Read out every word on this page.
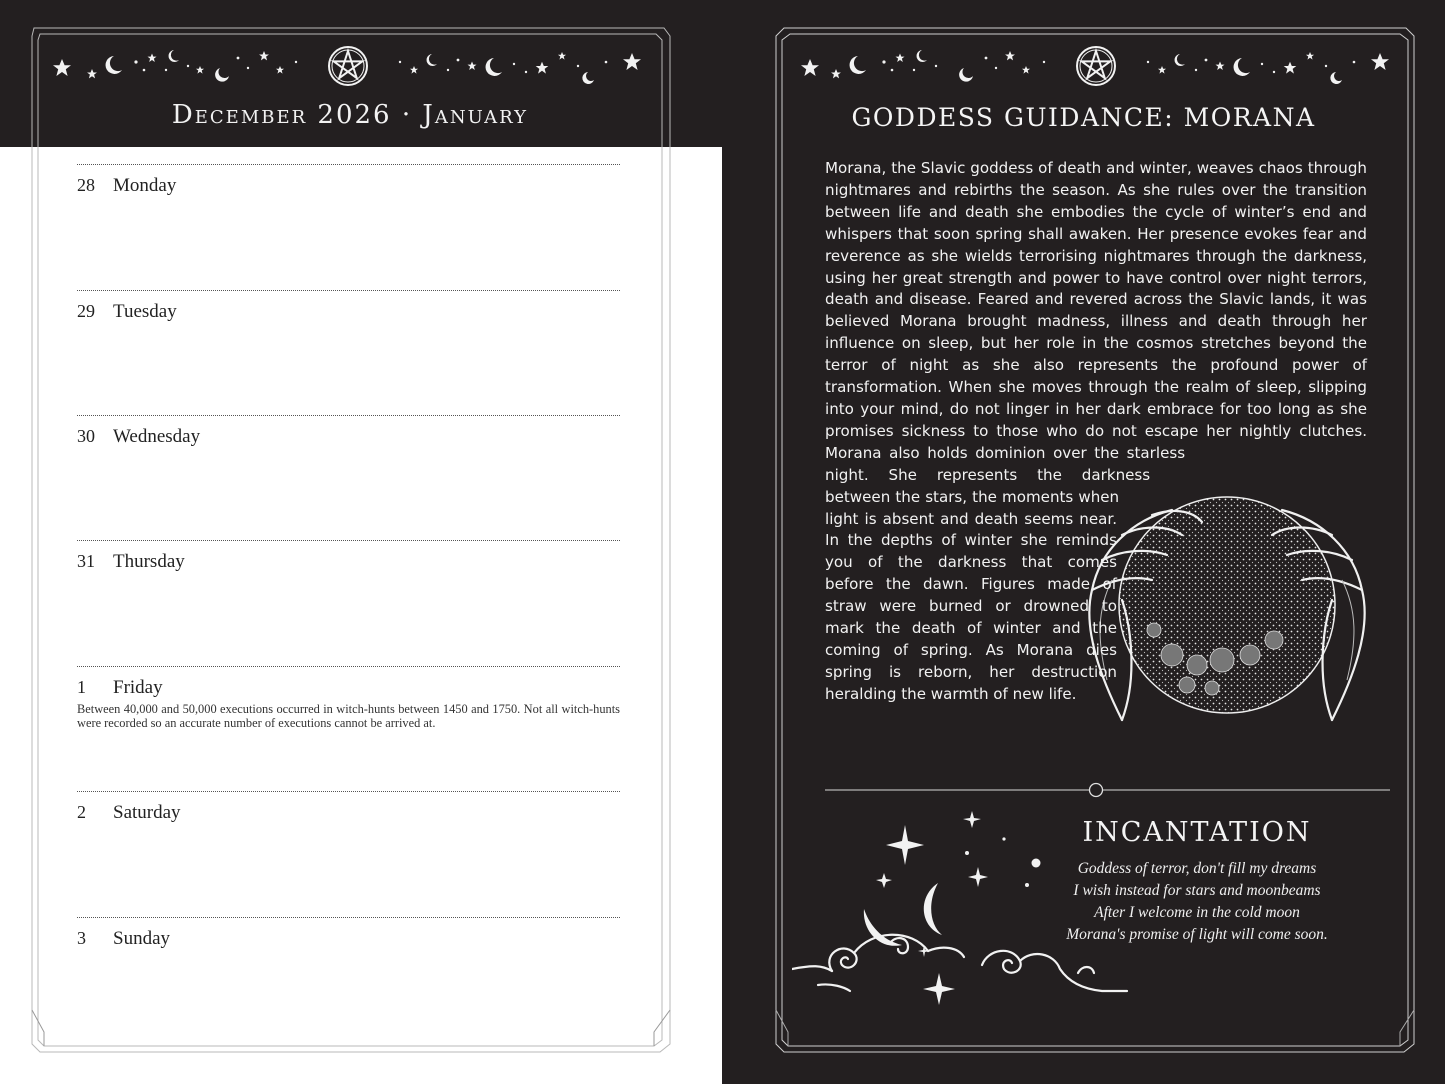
December 2026 · January
28 Monday
29 Tuesday
30 Wednesday
31 Thursday
1 Friday
Between 40,000 and 50,000 executions occurred in witch-hunts between 1450 and 1750. Not all witch-hunts were recorded so an accurate number of executions cannot be arrived at.
2 Saturday
3 Sunday
GODDESS GUIDANCE: MORANA

Morana, the Slavic goddess of death and winter, weaves chaos through nightmares and rebirths the season. As she rules over the transition between life and death she embodies the cycle of winter’s end and whispers that soon spring shall awaken. Her presence evokes fear and reverence as she wields terrorising nightmares through the darkness, using her great strength and power to have control over night terrors, death and disease. Feared and revered across the Slavic lands, it was believed Morana brought madness, illness and death through her influence on sleep, but her role in the cosmos stretches beyond the terror of night as she also represents the profound power of transformation. When she moves through the realm of sleep, slipping into your mind, do not linger in her dark embrace for too long as she promises sickness to those who do not escape her nightly clutches. Morana also holds dominion over the starless night. She represents the darkness between the stars, the moments when light is absent and death seems near. In the depths of winter she reminds you of the darkness that comes before the dawn. Figures made of straw were burned or drowned to mark the death of winter and the coming of spring. As Morana dies spring is reborn, her destruction heralding the warmth of new life.

INCANTATION
Goddess of terror, don't fill my dreams
I wish instead for stars and moonbeams
After I welcome in the cold moon
Morana's promise of light will come soon.
